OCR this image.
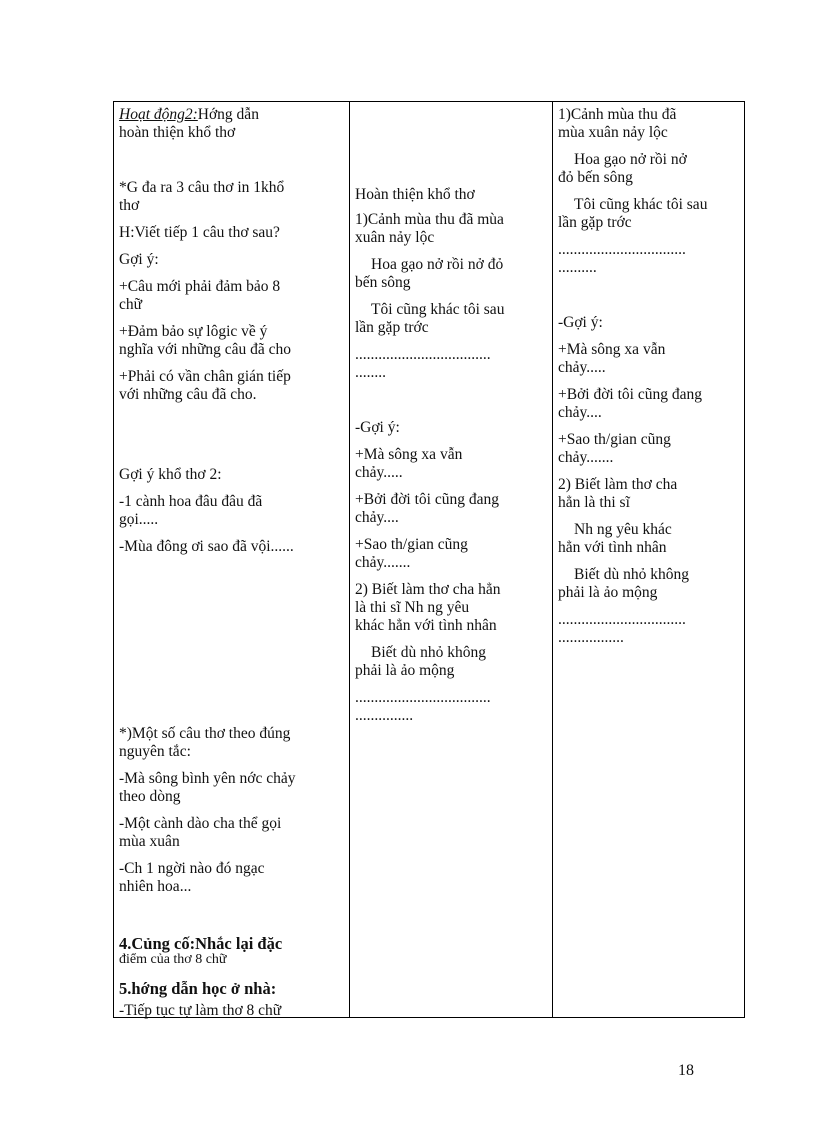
Hoạt động2:Hớng dẫn
hoàn thiện khổ thơ
*G đa ra 3 câu thơ in 1khổ
thơ
H:Viết tiếp 1 câu thơ sau?
Gợi ý:
+Câu mới phải đảm bảo 8
chữ
+Đảm bảo sự lôgic về ý
nghĩa với những câu đã cho
+Phải có vần chân gián tiếp
với những câu đã cho.
Gợi ý khổ thơ 2:
-1 cành hoa đâu đâu đã
gọi.....
-Mùa đông ơi sao đã vội......
*)Một số câu thơ theo đúng
nguyên tắc:
-Mà sông bình yên nớc chảy
theo dòng
-Một cành dào cha thể gọi
mùa xuân
-Ch 1 ngời nào đó ngạc
nhiên hoa...
4.Củng cố:Nhắc lại đặc
điểm của thơ 8 chữ
5.hớng dẫn học ở nhà:
-Tiếp tục tự làm thơ 8 chữ
Hoàn thiện khổ thơ
1)Cảnh mùa thu đã mùa
xuân nảy lộc
Hoa gạo nở rồi nở đỏ
bến sông
Tôi cũng khác tôi sau
lần gặp trớc
...................................
........
-Gợi ý:
+Mà sông xa vẫn
chảy.....
+Bởi đời tôi cũng đang
chảy....
+Sao th/gian cũng
chảy.......
2) Biết làm thơ cha hẳn
là thi sĩ Nh ng yêu
khác hẳn với tình nhân
Biết dù nhỏ không
phải là ảo mộng
...................................
...............
1)Cảnh mùa thu đã
mùa xuân nảy lộc
Hoa gạo nở rồi nở
đỏ bến sông
Tôi cũng khác tôi sau
lần gặp trớc
.................................
..........
-Gợi ý:
+Mà sông xa vẫn
chảy.....
+Bởi đời tôi cũng đang
chảy....
+Sao th/gian cũng
chảy.......
2) Biết làm thơ cha
hẳn là thi sĩ
Nh ng yêu khác
hẳn với tình nhân
Biết dù nhỏ không
phải là ảo mộng
.................................
.................
18
